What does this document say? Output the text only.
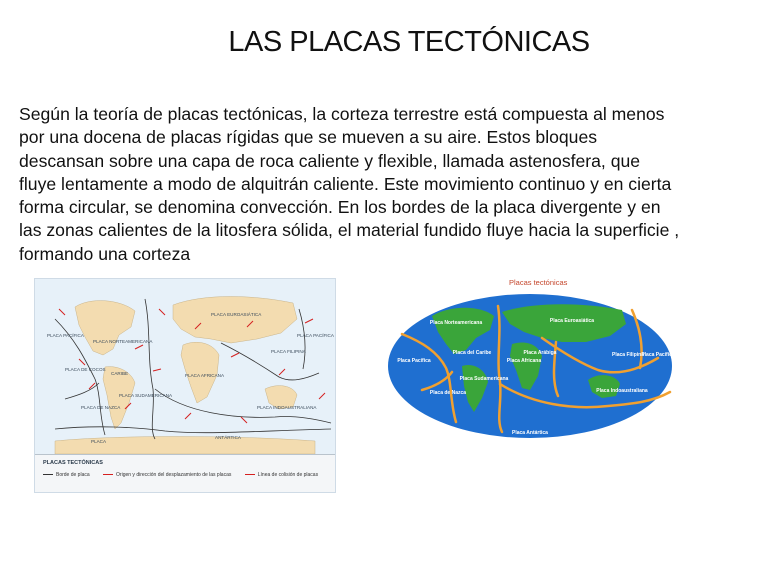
LAS PLACAS TECTÓNICAS
Según la teoría de placas tectónicas, la corteza terrestre está compuesta al menos
por una docena de placas rígidas que se mueven a su aire. Estos bloques
descansan sobre una capa de roca caliente y flexible, llamada astenosfera, que
fluye lentamente a modo de alquitrán caliente. Este movimiento continuo y en cierta
forma circular, se denomina convección. En los bordes de la placa divergente y en
las zonas calientes de la litosfera sólida, el material fundido fluye hacia la superficie ,
formando una corteza
PLACA EUROASIÁTICA
PLACA PACÍFICA
PLACA NORTEAMERICANA
PLACA PACÍFICA
PLACA FILIPINA
PLACA DE COCOS
CARIBE	PLACA AFRICANA
PLACA DE NAZCA
PLACA SUDAMERICANA
PLACA INDOAUSTRALIANA
ANTÁRTICA
PLACA
PLACAS TECTÓNICAS
Borde de placa	Origen y dirección del desplazamiento de las placas	Línea de colisión de placas
Placas tectónicas
Placa Norteamericana	Placa Euroasiática
Placa del Caribe	Placa Arábiga
Placa Pacífica	Placa Africana
Placa Filipina
Placa Pacífica
Placa Sudamericana
Placa de Nazca	Placa Indoaustraliana
Placa Antártica
